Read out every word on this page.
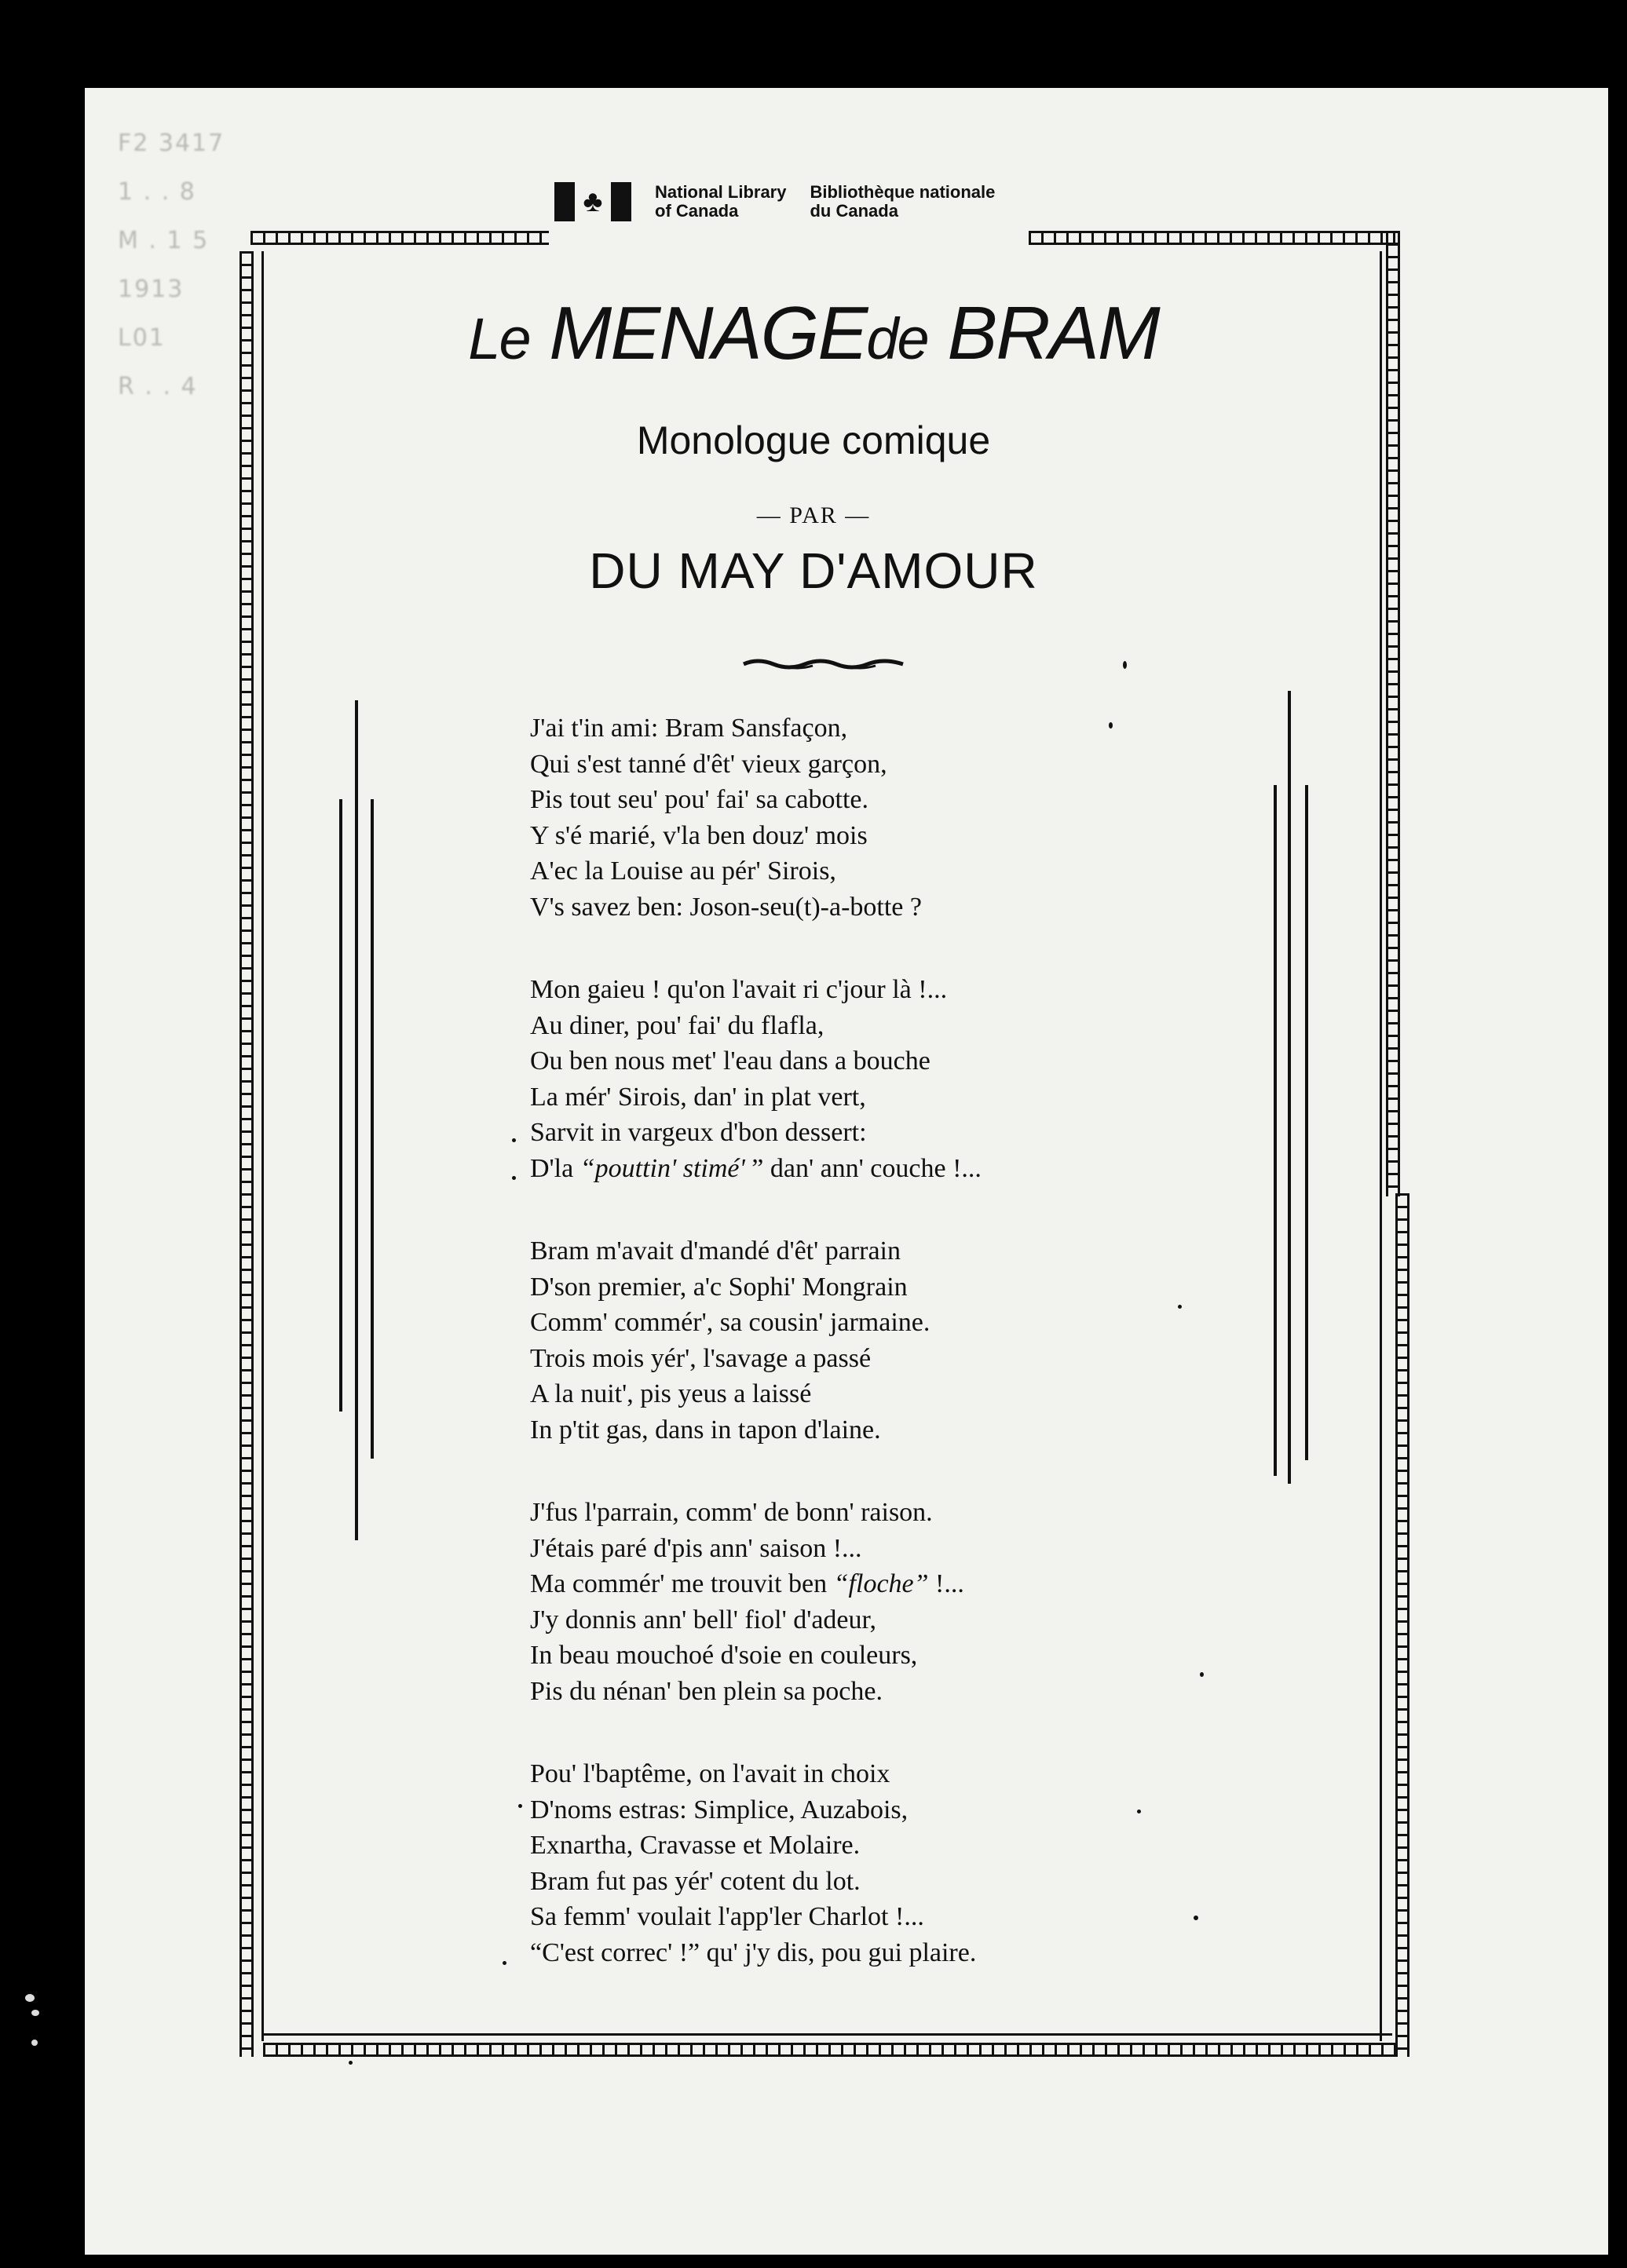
F2 3417
1 . . 8
M . 1 5
1913
L01
R . . 4
♣	National Library
of Canada
Bibliothèque nationale
du Canada
Le MENAGEde BRAM
Monologue comique
— PAR —
DU MAY D'AMOUR
J'ai t'in ami: Bram Sansfaçon,
Qui s'est tanné d'êt' vieux garçon,
Pis tout seu' pou' fai' sa cabotte.
Y s'é marié, v'la ben douz' mois
A'ec la Louise au pér' Sirois,
V's savez ben: Joson-seu(t)-a-botte ?
Mon gaieu ! qu'on l'avait ri c'jour là !...
Au diner, pou' fai' du flafla,
Ou ben nous met' l'eau dans a bouche
La mér' Sirois, dan' in plat vert,
Sarvit in vargeux d'bon dessert:
D'la “pouttin' stimé' ” dan' ann' couche !...
Bram m'avait d'mandé d'êt' parrain
D'son premier, a'c Sophi' Mongrain
Comm' commér', sa cousin' jarmaine.
Trois mois yér', l'savage a passé
A la nuit', pis yeus a laissé
In p'tit gas, dans in tapon d'laine.
J'fus l'parrain, comm' de bonn' raison.
J'étais paré d'pis ann' saison !...
Ma commér' me trouvit ben “floche” !...
J'y donnis ann' bell' fiol' d'adeur,
In beau mouchoé d'soie en couleurs,
Pis du nénan' ben plein sa poche.
Pou' l'baptême, on l'avait in choix
D'noms estras: Simplice, Auzabois,
Exnartha, Cravasse et Molaire.
Bram fut pas yér' cotent du lot.
Sa femm' voulait l'app'ler Charlot !...
“C'est correc' !” qu' j'y dis, pou gui plaire.
